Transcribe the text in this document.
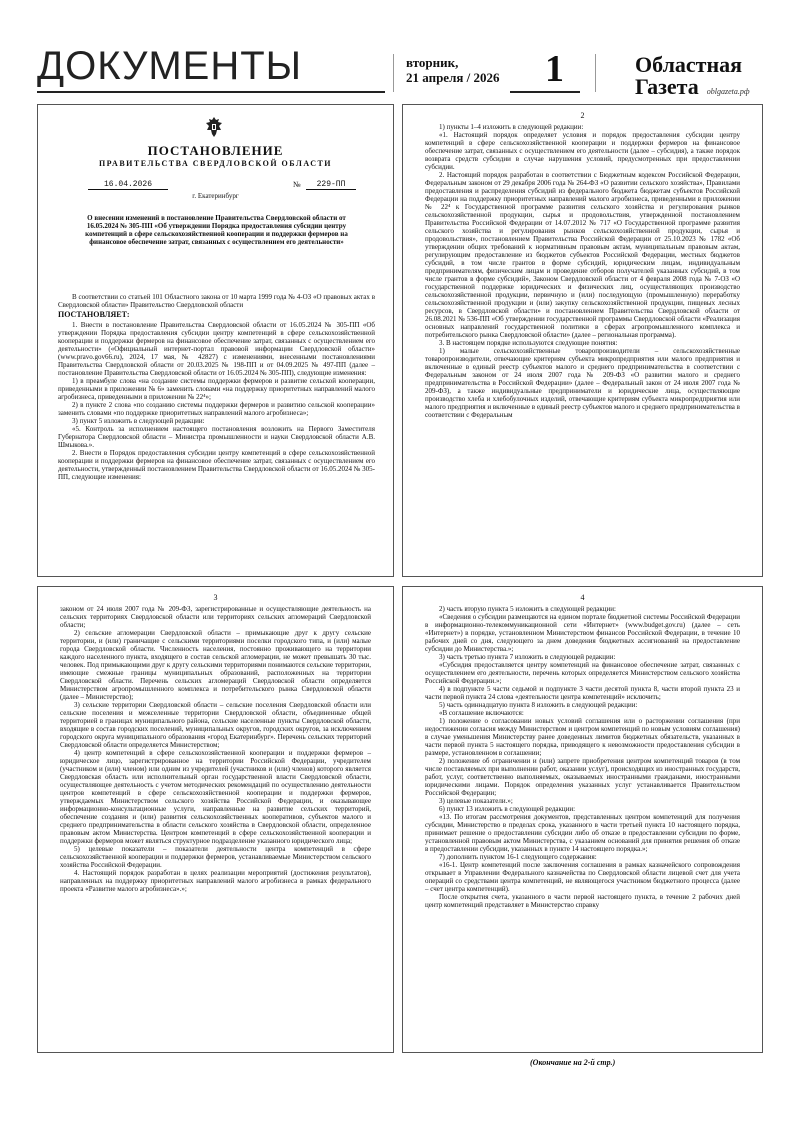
ДОКУМЕНТЫ	вторник,
21 апреля / 2026 1	Областная
Газета oblgazeta.рф
ПОСТАНОВЛЕНИЕ
ПРАВИТЕЛЬСТВА СВЕРДЛОВСКОЙ ОБЛАСТИ
16.04.2026	№	229-ПП
г. Екатеринбург
О внесении изменений в постановление Правительства Свердловской области от 16.05.2024 № 305-ПП «Об утверждении Порядка предоставления субсидии центру компетенций в сфере сельскохозяйственной кооперации и поддержки фермеров на финансовое обеспечение затрат, связанных с осуществлением его деятельности»

В соответствии со статьей 101 Областного закона от 10 марта 1999 года № 4-ОЗ «О правовых актах в Свердловской области» Правительство Свердловской области

ПОСТАНОВЛЯЕТ:

1. Внести в постановление Правительства Свердловской области от 16.05.2024 № 305-ПП «Об утверждении Порядка предоставления субсидии центру компетенций в сфере сельскохозяйственной кооперации и поддержки фермеров на финансовое обеспечение затрат, связанных с осуществлением его деятельности» («Официальный интернет-портал правовой информации Свердловской области» (www.pravo.gov66.ru), 2024, 17 мая, № 42827) с изменениями, внесенными постановлениями Правительства Свердловской области от 20.03.2025 № 198-ПП и от 04.09.2025 № 497-ПП (далее – постановление Правительства Свердловской области от 16.05.2024 № 305-ПП), следующие изменения:

1) в преамбуле слова «на создание системы поддержки фермеров и развитие сельской кооперации, приведенными в приложении № 6» заменить словами «на поддержку приоритетных направлений малого агробизнеса, приведенными в приложении № 22⁴»;

2) в пункте 2 слова «по созданию системы поддержки фермеров и развитию сельской кооперации» заменить словами «по поддержке приоритетных направлений малого агробизнеса»;

3) пункт 5 изложить в следующей редакции:

«5. Контроль за исполнением настоящего постановления возложить на Первого Заместителя Губернатора Свердловской области – Министра промышленности и науки Свердловской области А.В. Шмыкова.».

2. Внести в Порядок предоставления субсидии центру компетенций в сфере сельскохозяйственной кооперации и поддержки фермеров на финансовое обеспечение затрат, связанных с осуществлением его деятельности, утвержденный постановлением Правительства Свердловской области от 16.05.2024 № 305-ПП, следующие изменения:

2

1) пункты 1–4 изложить в следующей редакции:

«1. Настоящий порядок определяет условия и порядок предоставления субсидии центру компетенций в сфере сельскохозяйственной кооперации и поддержки фермеров на финансовое обеспечение затрат, связанных с осуществлением его деятельности (далее – субсидия), а также порядок возврата средств субсидии в случае нарушения условий, предусмотренных при предоставлении субсидии.

2. Настоящий порядок разработан в соответствии с Бюджетным кодексом Российской Федерации, Федеральным законом от 29 декабря 2006 года № 264-ФЗ «О развитии сельского хозяйства», Правилами предоставления и распределения субсидий из федерального бюджета бюджетам субъектов Российской Федерации на поддержку приоритетных направлений малого агробизнеса, приведенными в приложении № 22⁴ к Государственной программе развития сельского хозяйства и регулирования рынков сельскохозяйственной продукции, сырья и продовольствия, утвержденной постановлением Правительства Российской Федерации от 14.07.2012 № 717 «О Государственной программе развития сельского хозяйства и регулирования рынков сельскохозяйственной продукции, сырья и продовольствия», постановлением Правительства Российской Федерации от 25.10.2023 № 1782 «Об утверждении общих требований к нормативным правовым актам, муниципальным правовым актам, регулирующим предоставление из бюджетов субъектов Российской Федерации, местных бюджетов субсидий, в том числе грантов в форме субсидий, юридическим лицам, индивидуальным предпринимателям, физическим лицам и проведение отборов получателей указанных субсидий, в том числе грантов в форме субсидий», Законом Свердловской области от 4 февраля 2008 года № 7-ОЗ «О государственной поддержке юридических и физических лиц, осуществляющих производство сельскохозяйственной продукции, первичную и (или) последующую (промышленную) переработку сельскохозяйственной продукции и (или) закупку сельскохозяйственной продукции, пищевых лесных ресурсов, в Свердловской области» и постановлением Правительства Свердловской области от 26.08.2021 № 536-ПП «Об утверждении государственной программы Свердловской области «Реализация основных направлений государственной политики в сферах агропромышленного комплекса и потребительского рынка Свердловской области» (далее – региональная программа).

3. В настоящем порядке используются следующие понятия:

1) малые сельскохозяйственные товаропроизводители – сельскохозяйственные товаропроизводители, отвечающие критериям субъекта микропредприятия или малого предприятия и включенные в единый реестр субъектов малого и среднего предпринимательства в соответствии с Федеральным законом от 24 июля 2007 года № 209-ФЗ «О развитии малого и среднего предпринимательства в Российской Федерации» (далее – Федеральный закон от 24 июля 2007 года № 209-ФЗ), а также индивидуальные предприниматели и юридические лица, осуществляющие производство хлеба и хлебобулочных изделий, отвечающие критериям субъекта микропредприятия или малого предприятия и включенные в единый реестр субъектов малого и среднего предпринимательства в соответствии с Федеральным

3

законом от 24 июля 2007 года № 209-ФЗ, зарегистрированные и осуществляющие деятельность на сельских территориях Свердловской области или территориях сельских агломераций Свердловской области;

2) сельские агломерации Свердловской области – примыкающие друг к другу сельские территории, и (или) граничащие с сельскими территориями поселки городского типа, и (или) малые города Свердловской области. Численность населения, постоянно проживающего на территории каждого населенного пункта, входящего в состав сельской агломерации, не может превышать 30 тыс. человек. Под примыкающими друг к другу сельскими территориями понимаются сельские территории, имеющие смежные границы муниципальных образований, расположенных на территории Свердловской области. Перечень сельских агломераций Свердловской области определяется Министерством агропромышленного комплекса и потребительского рынка Свердловской области (далее – Министерство);

3) сельские территории Свердловской области – сельские поселения Свердловской области или сельские поселения и межселенные территории Свердловской области, объединенные общей территорией в границах муниципального района, сельские населенные пункты Свердловской области, входящие в состав городских поселений, муниципальных округов, городских округов, за исключением городского округа муниципального образования «город Екатеринбург». Перечень сельских территорий Свердловской области определяется Министерством;

4) центр компетенций в сфере сельскохозяйственной кооперации и поддержки фермеров – юридическое лицо, зарегистрированное на территории Российской Федерации, учредителем (участником и (или) членом) или одним из учредителей (участников и (или) членов) которого является Свердловская область или исполнительный орган государственной власти Свердловской области, осуществляющее деятельность с учетом методических рекомендаций по осуществлению деятельности центров компетенций в сфере сельскохозяйственной кооперации и поддержки фермеров, утверждаемых Министерством сельского хозяйства Российской Федерации, и оказывающее информационно-консультационные услуги, направленные на развитие сельских территорий, обеспечение создания и (или) развития сельскохозяйственных кооперативов, субъектов малого и среднего предпринимательства в области сельского хозяйства в Свердловской области, определенное правовым актом Министерства. Центром компетенций в сфере сельскохозяйственной кооперации и поддержки фермеров может являться структурное подразделение указанного юридического лица;

5) целевые показатели – показатели деятельности центра компетенций в сфере сельскохозяйственной кооперации и поддержки фермеров, устанавливаемые Министерством сельского хозяйства Российской Федерации.

4. Настоящий порядок разработан в целях реализации мероприятий (достижения результатов), направленных на поддержку приоритетных направлений малого агробизнеса в рамках федерального проекта «Развитие малого агробизнеса».»;

4

2) часть вторую пункта 5 изложить в следующей редакции:

«Сведения о субсидии размещаются на едином портале бюджетной системы Российской Федерации в информационно-телекоммуникационной сети «Интернет» (www.budget.gov.ru) (далее – сеть «Интернет») в порядке, установленном Министерством финансов Российской Федерации, в течение 10 рабочих дней со дня, следующего за днем доведения бюджетных ассигнований на предоставление субсидии до Министерства.»;

3) часть третью пункта 7 изложить в следующей редакции:

«Субсидия предоставляется центру компетенций на финансовое обеспечение затрат, связанных с осуществлением его деятельности, перечень которых определяется Министерством сельского хозяйства Российской Федерации.»;

4) в подпункте 5 части седьмой и подпункте 3 части десятой пункта 8, части второй пункта 23 и части первой пункта 24 слова «деятельности центра компетенций» исключить;

5) часть одиннадцатую пункта 8 изложить в следующей редакции:

«В соглашение включаются:

1) положение о согласовании новых условий соглашения или о расторжении соглашения (при недостижении согласия между Министерством и центром компетенций по новым условиям соглашения) в случае уменьшения Министерству ранее доведенных лимитов бюджетных обязательств, указанных в части первой пункта 5 настоящего порядка, приводящего к невозможности предоставления субсидии в размере, установленном в соглашении;

2) положение об ограничении и (или) запрете приобретения центром компетенций товаров (в том числе поставляемых при выполнении работ, оказании услуг), происходящих из иностранных государств, работ, услуг, соответственно выполняемых, оказываемых иностранными гражданами, иностранными юридическими лицами. Порядок определения указанных услуг устанавливается Правительством Российской Федерации;

3) целевые показатели.»;

6) пункт 13 изложить в следующей редакции:

«13. По итогам рассмотрения документов, представленных центром компетенций для получения субсидии, Министерство в пределах срока, указанного в части третьей пункта 10 настоящего порядка, принимает решение о предоставлении субсидии либо об отказе в предоставлении субсидии по форме, установленной правовым актом Министерства, с указанием оснований для принятия решения об отказе в предоставлении субсидии, указанных в пункте 14 настоящего порядка.»;

7) дополнить пунктом 16-1 следующего содержания:

«16-1. Центр компетенций после заключения соглашения в рамках казначейского сопровождения открывает в Управлении Федерального казначейства по Свердловской области лицевой счет для учета операций со средствами центра компетенций, не являющегося участником бюджетного процесса (далее – счет центра компетенций).

После открытия счета, указанного в части первой настоящего пункта, в течение 2 рабочих дней центр компетенций представляет в Министерство справку

(Окончание на 2-й стр.)
